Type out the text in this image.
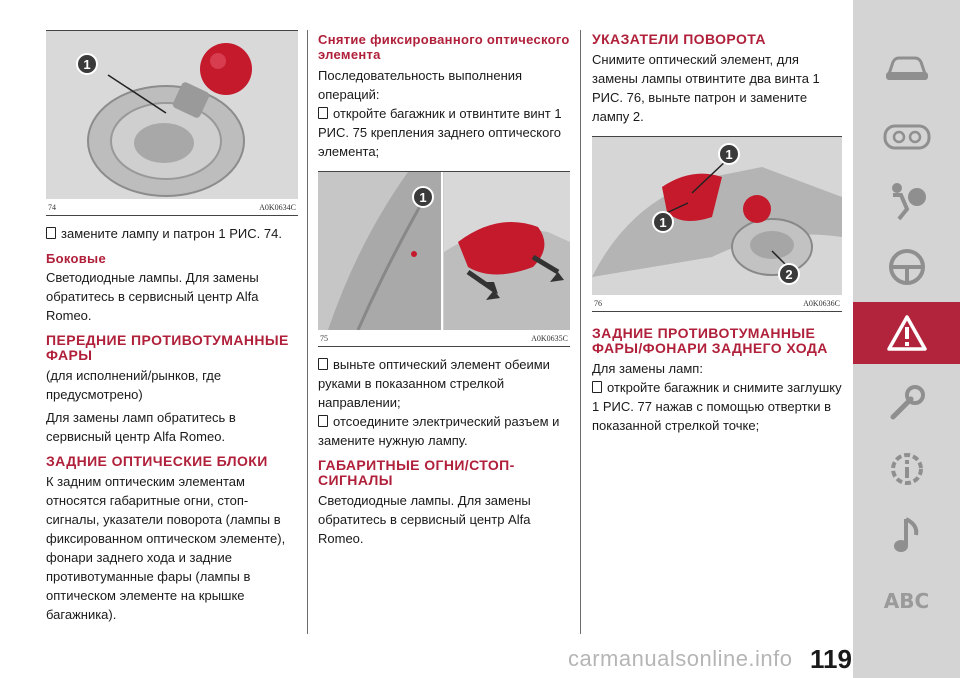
1
74	A0K0634C

замените лампу и патрон 1 РИС. 74.

Боковые

Светодиодные лампы. Для замены обратитесь в сервисный центр Alfa Romeo.

ПЕРЕДНИЕ ПРОТИВОТУМАННЫЕ ФАРЫ

(для исполнений/рынков, где предусмотрено)

Для замены ламп обратитесь в сервисный центр Alfa Romeo.

ЗАДНИЕ ОПТИЧЕСКИЕ БЛОКИ

К задним оптическим элементам относятся габаритные огни, стоп-сигналы, указатели поворота (лампы в фиксированном оптическом элементе), фонари заднего хода и задние противотуманные фары (лампы в оптическом элементе на крышке багажника).

Снятие фиксированного оптического элемента

Последовательность выполнения операций:

откройте багажник и отвинтите винт 1 РИС. 75 крепления заднего оптического элемента;

1
75	A0K0635C

выньте оптический элемент обеими руками в показанном стрелкой направлении;

отсоедините электрический разъем и замените нужную лампу.

ГАБАРИТНЫЕ ОГНИ/СТОП-СИГНАЛЫ

Светодиодные лампы. Для замены обратитесь в сервисный центр Alfa Romeo.

УКАЗАТЕЛИ ПОВОРОТА

Снимите оптический элемент, для замены лампы отвинтите два винта 1 РИС. 76, выньте патрон и замените лампу 2.

1
1
2
76	A0K0636C
ЗАДНИЕ ПРОТИВОТУМАННЫЕ ФАРЫ/ФОНАРИ ЗАДНЕГО ХОДА

Для замены ламп:

откройте багажник и снимите заглушку 1 РИС. 77 нажав с помощью отвертки в показанной стрелкой точке;

ABC
carmanualsonline.info 119
